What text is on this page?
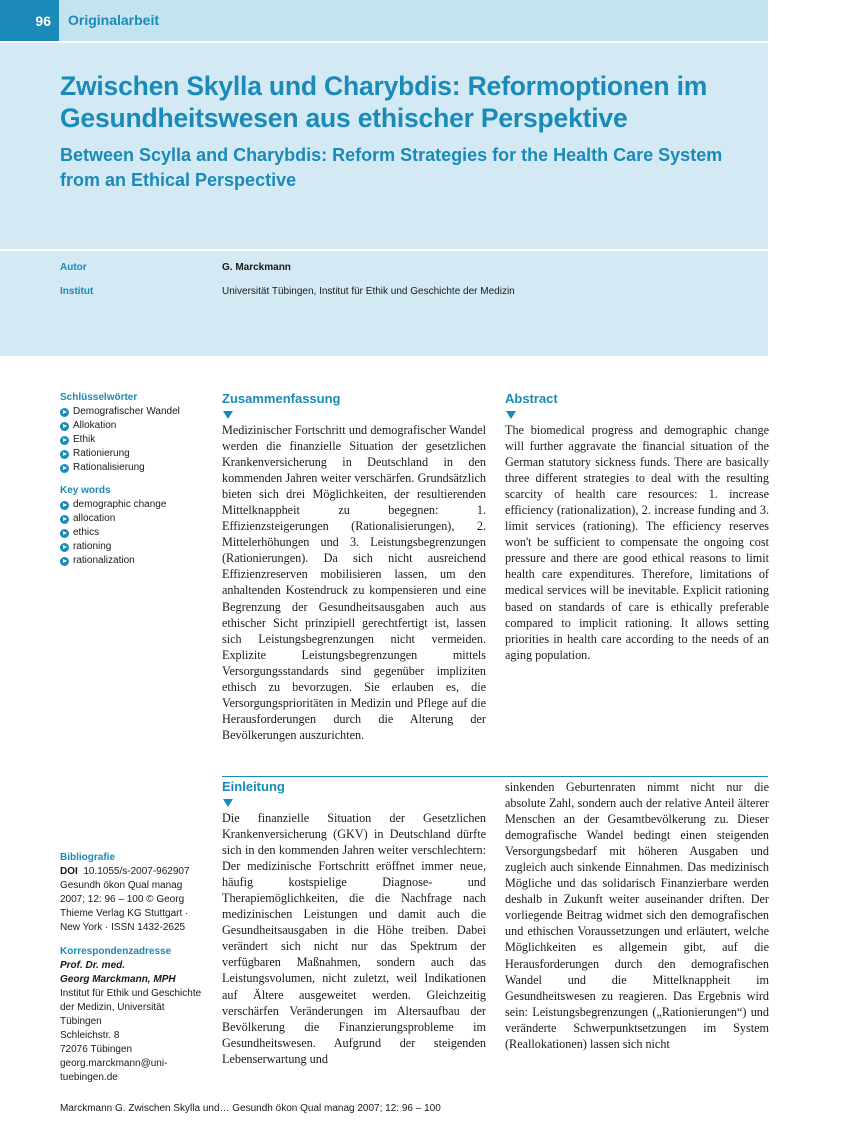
96	Originalarbeit
Zwischen Skylla und Charybdis: Reformoptionen im Gesundheitswesen aus ethischer Perspektive
Between Scylla and Charybdis: Reform Strategies for the Health Care System from an Ethical Perspective
Autor	G. Marckmann
Institut	Universität Tübingen, Institut für Ethik und Geschichte der Medizin
Schlüsselwörter
Demografischer Wandel
Allokation
Ethik
Rationierung
Rationalisierung
Key words
demographic change
allocation
ethics
rationing
rationalization
Bibliografie
DOI 10.1055/s-2007-962907
Gesundh ökon Qual manag
2007; 12: 96 – 100 © Georg
Thieme Verlag KG Stuttgart ·
New York · ISSN 1432-2625
Korrespondenzadresse
Prof. Dr. med.
Georg Marckmann, MPH
Institut für Ethik und Geschichte
der Medizin, Universität
Tübingen
Schleichstr. 8
72076 Tübingen
georg.marckmann@uni-
tuebingen.de
Zusammenfassung

Medizinischer Fortschritt und demografischer Wandel werden die finanzielle Situation der gesetzlichen Krankenversicherung in Deutschland in den kommenden Jahren weiter verschärfen. Grundsätzlich bieten sich drei Möglichkeiten, der resultierenden Mittelknappheit zu begegnen: 1. Effizienzsteigerungen (Rationalisierungen), 2. Mittelerhöhungen und 3. Leistungsbegrenzungen (Rationierungen). Da sich nicht ausreichend Effizienzreserven mobilisieren lassen, um den anhaltenden Kostendruck zu kompensieren und eine Begrenzung der Gesundheitsausgaben auch aus ethischer Sicht prinzipiell gerechtfertigt ist, lassen sich Leistungsbegrenzungen nicht vermeiden. Explizite Leistungsbegrenzungen mittels Versorgungsstandards sind gegenüber impliziten ethisch zu bevorzugen. Sie erlauben es, die Versorgungsprioritäten in Medizin und Pflege auf die Herausforderungen durch die Alterung der Bevölkerungen auszurichten.

Abstract

The biomedical progress and demographic change will further aggravate the financial situation of the German statutory sickness funds. There are basically three different strategies to deal with the resulting scarcity of health care resources: 1. increase efficiency (rationalization), 2. increase funding and 3. limit services (rationing). The efficiency reserves won't be sufficient to compensate the ongoing cost pressure and there are good ethical reasons to limit health care expenditures. Therefore, limitations of medical services will be inevitable. Explicit rationing based on standards of care is ethically preferable compared to implicit rationing. It allows setting priorities in health care according to the needs of an aging population.

Einleitung

Die finanzielle Situation der Gesetzlichen Krankenversicherung (GKV) in Deutschland dürfte sich in den kommenden Jahren weiter verschlechtern: Der medizinische Fortschritt eröffnet immer neue, häufig kostspielige Diagnose- und Therapiemöglichkeiten, die die Nachfrage nach medizinischen Leistungen und damit auch die Gesundheitsausgaben in die Höhe treiben. Dabei verändert sich nicht nur das Spektrum der verfügbaren Maßnahmen, sondern auch das Leistungsvolumen, nicht zuletzt, weil Indikationen auf Ältere ausgeweitet werden. Gleichzeitig verschärfen Veränderungen im Altersaufbau der Bevölkerung die Finanzierungsprobleme im Gesundheitswesen. Aufgrund der steigenden Lebenserwartung und

sinkenden Geburtenraten nimmt nicht nur die absolute Zahl, sondern auch der relative Anteil älterer Menschen an der Gesamtbevölkerung zu. Dieser demografische Wandel bedingt einen steigenden Versorgungsbedarf mit höheren Ausgaben und zugleich auch sinkende Einnahmen. Das medizinisch Mögliche und das solidarisch Finanzierbare werden deshalb in Zukunft weiter auseinander driften. Der vorliegende Beitrag widmet sich den demografischen und ethischen Voraussetzungen und erläutert, welche Möglichkeiten es allgemein gibt, auf die Herausforderungen durch den demografischen Wandel und die Mittelknappheit im Gesundheitswesen zu reagieren. Das Ergebnis wird sein: Leistungsbegrenzungen („Rationierungen“) und veränderte Schwerpunktsetzungen im System (Reallokationen) lassen sich nicht

Marckmann G. Zwischen Skylla und… Gesundh ökon Qual manag 2007; 12: 96 – 100
